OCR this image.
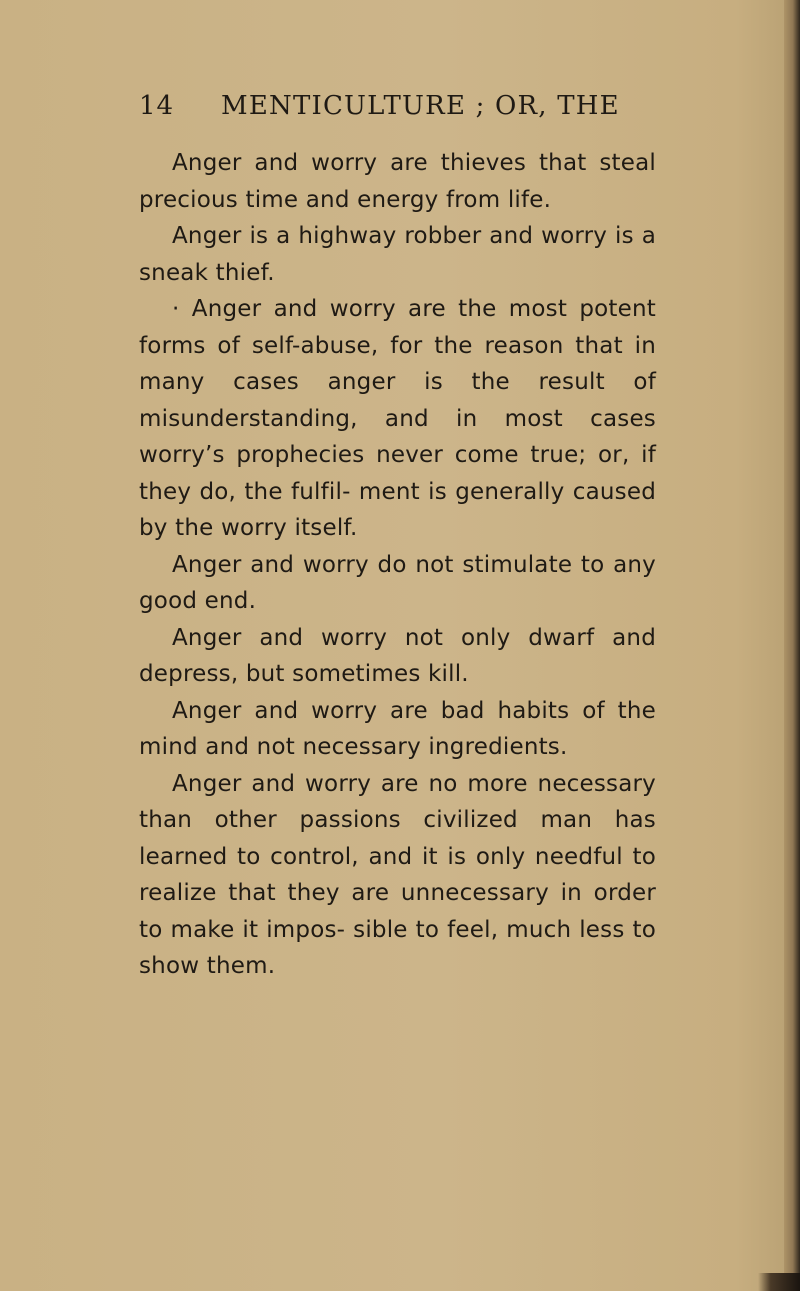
14	MENTICULTURE ; OR, THE

Anger and worry are thieves that steal precious time and energy from life.

Anger is a highway robber and worry is a sneak thief.

· Anger and worry are the most potent forms of self-abuse, for the reason that in many cases anger is the result of misunderstanding, and in most cases worry’s prophecies never come true; or, if they do, the fulfil- ment is generally caused by the worry itself.

Anger and worry do not stimulate to any good end.

Anger and worry not only dwarf and depress, but sometimes kill.

Anger and worry are bad habits of the mind and not necessary ingredients.

Anger and worry are no more necessary than other passions civilized man has learned to control, and it is only needful to realize that they are unnecessary in order to make it impos- sible to feel, much less to show them.
